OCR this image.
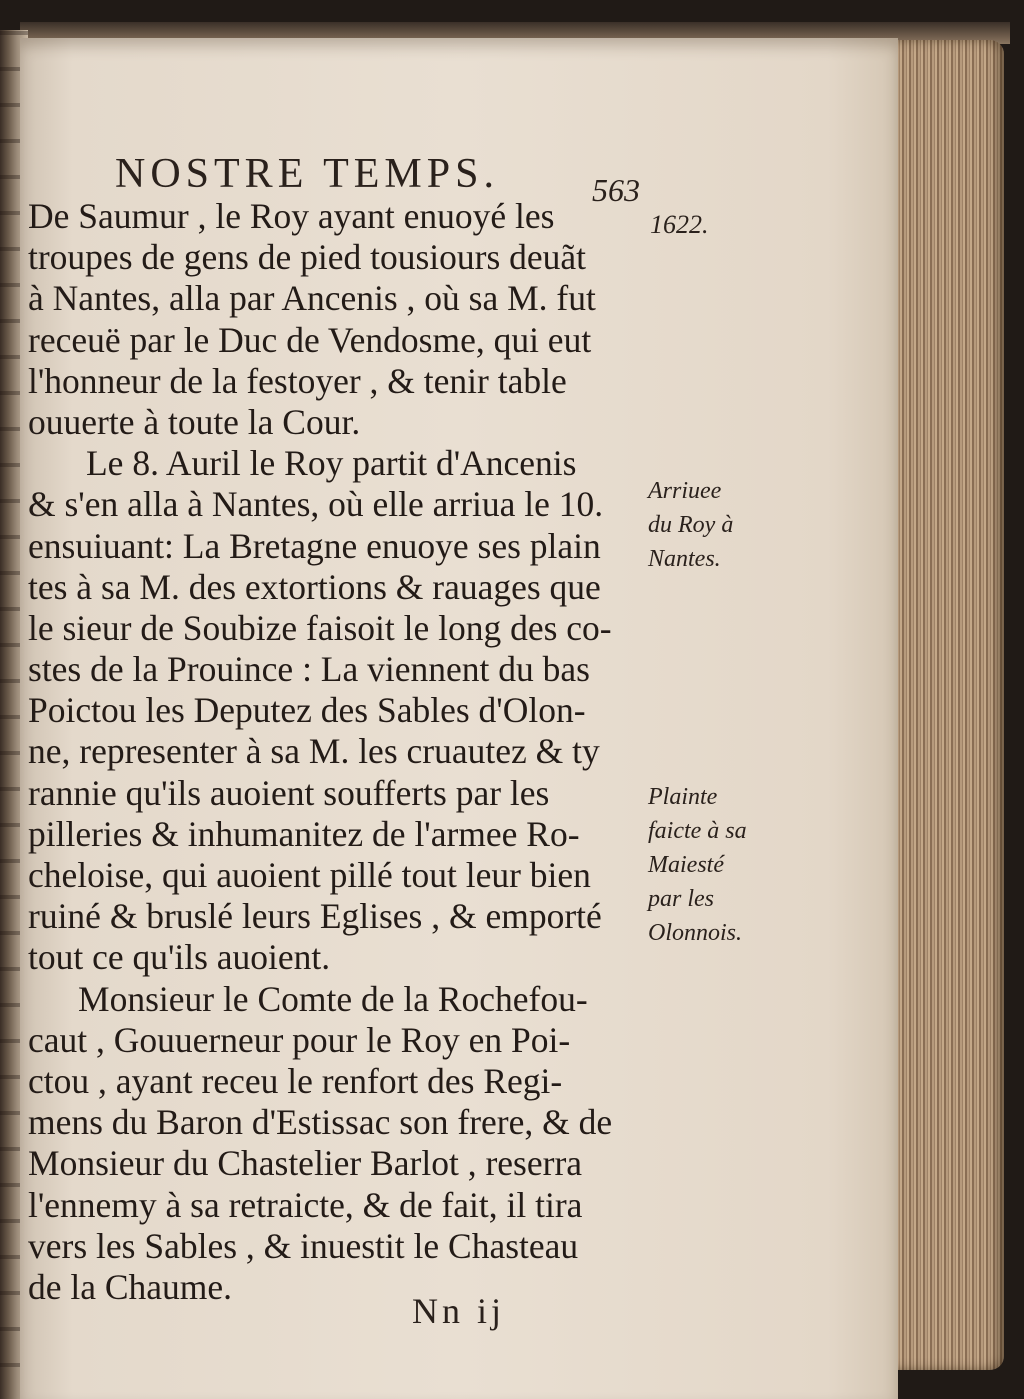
NOSTRE TEMPS.	563
De Saumur , le Roy ayant enuoyé les
troupes de gens de pied tousiours deuãt
à Nantes, alla par Ancenis , où sa M. fut
receuë par le Duc de Vendosme, qui eut
l'honneur de la festoyer , & tenir table
ouuerte à toute la Cour.
Le 8. Auril le Roy partit d'Ancenis
& s'en alla à Nantes, où elle arriua le 10.
ensuiuant: La Bretagne enuoye ses plain
tes à sa M. des extortions & rauages que
le sieur de Soubize faisoit le long des co-
stes de la Prouince : La viennent du bas
Poictou les Deputez des Sables d'Olon-
ne, representer à sa M. les cruautez & ty
rannie qu'ils auoient soufferts par les
pilleries & inhumanitez de l'armee Ro-
cheloise, qui auoient pillé tout leur bien
ruiné & bruslé leurs Eglises , & emporté
tout ce qu'ils auoient.
Monsieur le Comte de la Rochefou-
caut , Gouuerneur pour le Roy en Poi-
ctou , ayant receu le renfort des Regi-
mens du Baron d'Estissac son frere, & de
Monsieur du Chastelier Barlot , reserra
l'ennemy à sa retraicte, & de fait, il tira
vers les Sables , & inuestit le Chasteau
de la Chaume.
1622.
Arriuee
du Roy à
Nantes.
Plainte
faicte à sa
Maiesté
par les
Olonnois.
Nn ij
